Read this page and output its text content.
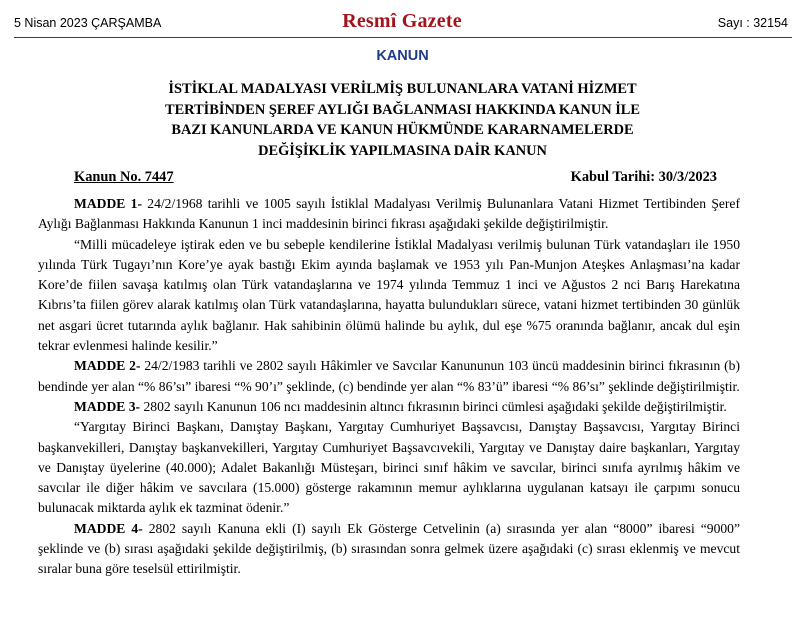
5 Nisan 2023 ÇARŞAMBA	Resmî Gazete	Sayı : 32154
KANUN
İSTİKLAL MADALYASI VERİLMİŞ BULUNANLARA VATANİ HİZMET
TERTİBİNDEN ŞEREF AYLIĞI BAĞLANMASI HAKKINDA KANUN İLE
BAZI KANUNLARDA VE KANUN HÜKMÜNDE KARARNAMELERDE
DEĞİŞİKLİK YAPILMASINA DAİR KANUN
Kanun No. 7447	Kabul Tarihi: 30/3/2023

MADDE 1- 24/2/1968 tarihli ve 1005 sayılı İstiklal Madalyası Verilmiş Bulunanlara Vatani Hizmet Tertibinden Şeref Aylığı Bağlanması Hakkında Kanunun 1 inci maddesinin birinci fıkrası aşağıdaki şekilde değiştirilmiştir.

“Milli mücadeleye iştirak eden ve bu sebeple kendilerine İstiklal Madalyası verilmiş bulunan Türk vatandaşları ile 1950 yılında Türk Tugayı’nın Kore’ye ayak bastığı Ekim ayında başlamak ve 1953 yılı Pan-Munjon Ateşkes Anlaşması’na kadar Kore’de fiilen savaşa katılmış olan Türk vatandaşlarına ve 1974 yılında Temmuz 1 inci ve Ağustos 2 nci Barış Harekatına Kıbrıs’ta fiilen görev alarak katılmış olan Türk vatandaşlarına, hayatta bulundukları sürece, vatani hizmet tertibinden 30 günlük net asgari ücret tutarında aylık bağlanır. Hak sahibinin ölümü halinde bu aylık, dul eşe %75 oranında bağlanır, ancak dul eşin tekrar evlenmesi halinde kesilir.”

MADDE 2- 24/2/1983 tarihli ve 2802 sayılı Hâkimler ve Savcılar Kanununun 103 üncü maddesinin birinci fıkrasının (b) bendinde yer alan “% 86’sı” ibaresi “% 90’ı” şeklinde, (c) bendinde yer alan “% 83’ü” ibaresi “% 86’sı” şeklinde değiştirilmiştir.

MADDE 3- 2802 sayılı Kanunun 106 ncı maddesinin altıncı fıkrasının birinci cümlesi aşağıdaki şekilde değiştirilmiştir.

“Yargıtay Birinci Başkanı, Danıştay Başkanı, Yargıtay Cumhuriyet Başsavcısı, Danıştay Başsavcısı, Yargıtay Birinci başkanvekilleri, Danıştay başkanvekilleri, Yargıtay Cumhuriyet Başsavcıvekili, Yargıtay ve Danıştay daire başkanları, Yargıtay ve Danıştay üyelerine (40.000); Adalet Bakanlığı Müsteşarı, birinci sınıf hâkim ve savcılar, birinci sınıfa ayrılmış hâkim ve savcılar ile diğer hâkim ve savcılara (15.000) gösterge rakamının memur aylıklarına uygulanan katsayı ile çarpımı sonucu bulunacak miktarda aylık ek tazminat ödenir.”

MADDE 4- 2802 sayılı Kanuna ekli (I) sayılı Ek Gösterge Cetvelinin (a) sırasında yer alan “8000” ibaresi “9000” şeklinde ve (b) sırası aşağıdaki şekilde değiştirilmiş, (b) sırasından sonra gelmek üzere aşağıdaki (c) sırası eklenmiş ve mevcut sıralar buna göre teselsül ettirilmiştir.
